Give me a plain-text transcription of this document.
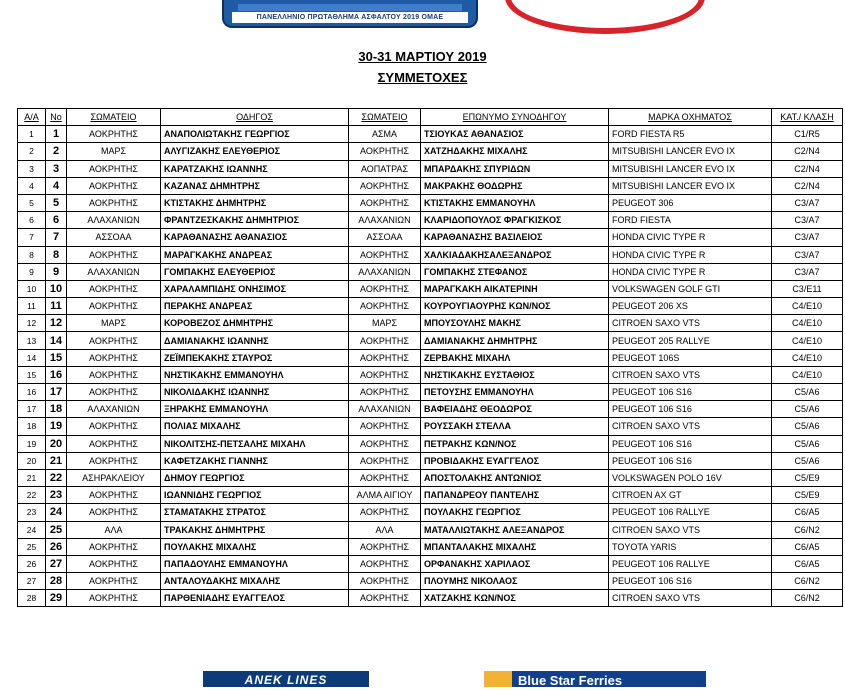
ΠΑΝΕΛΛΗΝΙΟ ΠΡΩΤΑΘΛΗΜΑ ΑΣΦΑΛΤΟΥ 2019 ΟΜΑΕ
30-31 ΜΑΡΤΙΟΥ 2019
ΣΥΜΜΕΤΟΧΕΣ
Α/Α	Νο	ΣΩΜΑΤΕΙΟ	ΟΔΗΓΟΣ	ΣΩΜΑΤΕΙΟ	ΕΠΩΝΥΜΟ ΣΥΝΟΔΗΓΟΥ	ΜΑΡΚΑ ΟΧΗΜΑΤΟΣ	ΚΑΤ./ ΚΛΑΣΗ
1	1	ΑΟΚΡΗΤΗΣ	ΑΝΑΠΟΛΙΩΤΑΚΗΣ ΓΕΩΡΓΙΟΣ	ΑΣΜΑ	ΤΣΙΟΥΚΑΣ ΑΘΑΝΑΣΙΟΣ	FORD FIESTA R5	C1/R5
2	2	ΜΑΡΣ	ΑΛΥΓΙΖΑΚΗΣ ΕΛΕΥΘΕΡΙΟΣ	ΑΟΚΡΗΤΗΣ	ΧΑΤΖΗΔΑΚΗΣ ΜΙΧΑΛΗΣ	MITSUBISHI LANCER EVO IX	C2/N4
3	3	ΑΟΚΡΗΤΗΣ	ΚΑΡΑΤΖΑΚΗΣ ΙΩΑΝΝΗΣ	ΑΟΠΑΤΡΑΣ	ΜΠΑΡΔΑΚΗΣ ΣΠΥΡΙΔΩΝ	MITSUBISHI LANCER EVO IX	C2/N4
4	4	ΑΟΚΡΗΤΗΣ	ΚΑΖΑΝΑΣ ΔΗΜΗΤΡΗΣ	ΑΟΚΡΗΤΗΣ	ΜΑΚΡΑΚΗΣ ΘΟΔΩΡΗΣ	MITSUBISHI LANCER EVO IX	C2/N4
5	5	ΑΟΚΡΗΤΗΣ	ΚΤΙΣΤΑΚΗΣ ΔΗΜΗΤΡΗΣ	ΑΟΚΡΗΤΗΣ	ΚΤΙΣΤΑΚΗΣ ΕΜΜΑΝΟΥΗΛ	PEUGEOT 306	C3/A7
6	6	ΑΛΑΧΑΝΙΩΝ	ΦΡΑΝΤΖΕΣΚΑΚΗΣ ΔΗΜΗΤΡΙΟΣ	ΑΛΑΧΑΝΙΩΝ	ΚΛΑΡΙΔΟΠΟΥΛΟΣ ΦΡΑΓΚΙΣΚΟΣ	FORD FIESTA	C3/A7
7	7	ΑΣΣΟΑΑ	ΚΑΡΑΘΑΝΑΣΗΣ ΑΘΑΝΑΣΙΟΣ	ΑΣΣΟΑΑ	ΚΑΡΑΘΑΝΑΣΗΣ ΒΑΣΙΛΕΙΟΣ	HONDA CIVIC TYPE R	C3/A7
8	8	ΑΟΚΡΗΤΗΣ	ΜΑΡΑΓΚΑΚΗΣ ΑΝΔΡΕΑΣ	ΑΟΚΡΗΤΗΣ	ΧΑΛΚΙΑΔΑΚΗΣΑΛΕΞΑΝΔΡΟΣ	HONDA CIVIC TYPE R	C3/A7
9	9	ΑΛΑΧΑΝΙΩΝ	ΓΟΜΠΑΚΗΣ ΕΛΕΥΘΕΡΙΟΣ	ΑΛΑΧΑΝΙΩΝ	ΓΟΜΠΑΚΗΣ ΣΤΕΦΑΝΟΣ	HONDA CIVIC TYPE R	C3/A7
10	10	ΑΟΚΡΗΤΗΣ	ΧΑΡΑΛΑΜΠΙΔΗΣ ΟΝΗΣΙΜΟΣ	ΑΟΚΡΗΤΗΣ	ΜΑΡΑΓΚΑΚΗ ΑΙΚΑΤΕΡΙΝΗ	VOLKSWAGEN GOLF GTI	C3/E11
11	11	ΑΟΚΡΗΤΗΣ	ΠΕΡΑΚΗΣ ΑΝΔΡΕΑΣ	ΑΟΚΡΗΤΗΣ	ΚΟΥΡΟΥΓΙΑΟΥΡΗΣ ΚΩΝ/ΝΟΣ	PEUGEOT 206 XS	C4/E10
12	12	ΜΑΡΣ	ΚΟΡΟΒΕΖΟΣ ΔΗΜΗΤΡΗΣ	ΜΑΡΣ	ΜΠΟΥΣΟΥΛΗΣ ΜΑΚΗΣ	CITROEN SAXO VTS	C4/E10
13	14	ΑΟΚΡΗΤΗΣ	ΔΑΜΙΑΝΑΚΗΣ ΙΩΑΝΝΗΣ	ΑΟΚΡΗΤΗΣ	ΔΑΜΙΑΝΑΚΗΣ ΔΗΜΗΤΡΗΣ	PEUGEOT 205 RALLYE	C4/E10
14	15	ΑΟΚΡΗΤΗΣ	ΖΕΪΜΠΕΚΑΚΗΣ ΣΤΑΥΡΟΣ	ΑΟΚΡΗΤΗΣ	ΖΕΡΒΑΚΗΣ ΜΙΧΑΗΛ	PEUGEOT 106S	C4/E10
15	16	ΑΟΚΡΗΤΗΣ	ΝΗΣΤΙΚΑΚΗΣ ΕΜΜΑΝΟΥΗΛ	ΑΟΚΡΗΤΗΣ	ΝΗΣΤΙΚΑΚΗΣ ΕΥΣΤΑΘΙΟΣ	CITROEN SAXO VTS	C4/E10
16	17	ΑΟΚΡΗΤΗΣ	ΝΙΚΟΛΙΔΑΚΗΣ ΙΩΑΝΝΗΣ	ΑΟΚΡΗΤΗΣ	ΠΕΤΟΥΣΗΣ ΕΜΜΑΝΟΥΗΛ	PEUGEOT 106 S16	C5/A6
17	18	ΑΛΑΧΑΝΙΩΝ	ΞΗΡΑΚΗΣ ΕΜΜΑΝΟΥΗΛ	ΑΛΑΧΑΝΙΩΝ	ΒΑΦΕΙΑΔΗΣ ΘΕΟΔΩΡΟΣ	PEUGEOT 106 S16	C5/A6
18	19	ΑΟΚΡΗΤΗΣ	ΠΟΛΙΑΣ ΜΙΧΑΛΗΣ	ΑΟΚΡΗΤΗΣ	ΡΟΥΣΣΑΚΗ ΣΤΕΛΛΑ	CITROEN SAXO VTS	C5/A6
19	20	ΑΟΚΡΗΤΗΣ	ΝΙΚΟΛΙΤΣΗΣ-ΠΕΤΣΑΛΗΣ ΜΙΧΑΗΛ	ΑΟΚΡΗΤΗΣ	ΠΕΤΡΑΚΗΣ ΚΩΝ/ΝΟΣ	PEUGEOT 106 S16	C5/A6
20	21	ΑΟΚΡΗΤΗΣ	ΚΑΦΕΤΖΑΚΗΣ ΓΙΑΝΝΗΣ	ΑΟΚΡΗΤΗΣ	ΠΡΟΒΙΔΑΚΗΣ ΕΥΑΓΓΕΛΟΣ	PEUGEOT 106 S16	C5/A6
21	22	ΑΣΗΡΑΚΛΕΙΟΥ	ΔΗΜΟΥ ΓΕΩΡΓΙΟΣ	ΑΟΚΡΗΤΗΣ	ΑΠΟΣΤΟΛΑΚΗΣ ΑΝΤΩΝΙΟΣ	VOLKSWAGEN POLO 16V	C5/E9
22	23	ΑΟΚΡΗΤΗΣ	ΙΩΑΝΝΙΔΗΣ ΓΕΩΡΓΙΟΣ	ΑΛΜΑ ΑΙΓΙΟΥ	ΠΑΠΑΝΔΡΕΟΥ ΠΑΝΤΕΛΗΣ	CITROEN AX GT	C5/E9
23	24	ΑΟΚΡΗΤΗΣ	ΣΤΑΜΑΤΑΚΗΣ ΣΤΡΑΤΟΣ	ΑΟΚΡΗΤΗΣ	ΠΟΥΛΑΚΗΣ ΓΕΩΡΓΙΟΣ	PEUGEOT 106 RALLYE	C6/A5
24	25	ΑΛΑ	ΤΡΑΚΑΚΗΣ ΔΗΜΗΤΡΗΣ	ΑΛΑ	ΜΑΤΑΛΛΙΩΤΑΚΗΣ ΑΛΕΞΑΝΔΡΟΣ	CITROEN SAXO VTS	C6/N2
25	26	ΑΟΚΡΗΤΗΣ	ΠΟΥΛΑΚΗΣ ΜΙΧΑΛΗΣ	ΑΟΚΡΗΤΗΣ	ΜΠΑΝΤΑΛΑΚΗΣ ΜΙΧΑΛΗΣ	TOYOTA YARIS	C6/A5
26	27	ΑΟΚΡΗΤΗΣ	ΠΑΠΑΔΟΥΛΗΣ ΕΜΜΑΝΟΥΗΛ	ΑΟΚΡΗΤΗΣ	ΟΡΦΑΝΑΚΗΣ ΧΑΡΙΛΑΟΣ	PEUGEOT 106 RALLYE	C6/A5
27	28	ΑΟΚΡΗΤΗΣ	ΑΝΤΑΛΟΥΔΑΚΗΣ ΜΙΧΑΛΗΣ	ΑΟΚΡΗΤΗΣ	ΠΛΟΥΜΗΣ ΝΙΚΟΛΑΟΣ	PEUGEOT 106 S16	C6/N2
28	29	ΑΟΚΡΗΤΗΣ	ΠΑΡΘΕΝΙΑΔΗΣ ΕΥΑΓΓΕΛΟΣ	ΑΟΚΡΗΤΗΣ	ΧΑΤΖΑΚΗΣ ΚΩΝ/ΝΟΣ	CITROEN SAXO VTS	C6/N2
ANEK LINES	Blue Star Ferries
